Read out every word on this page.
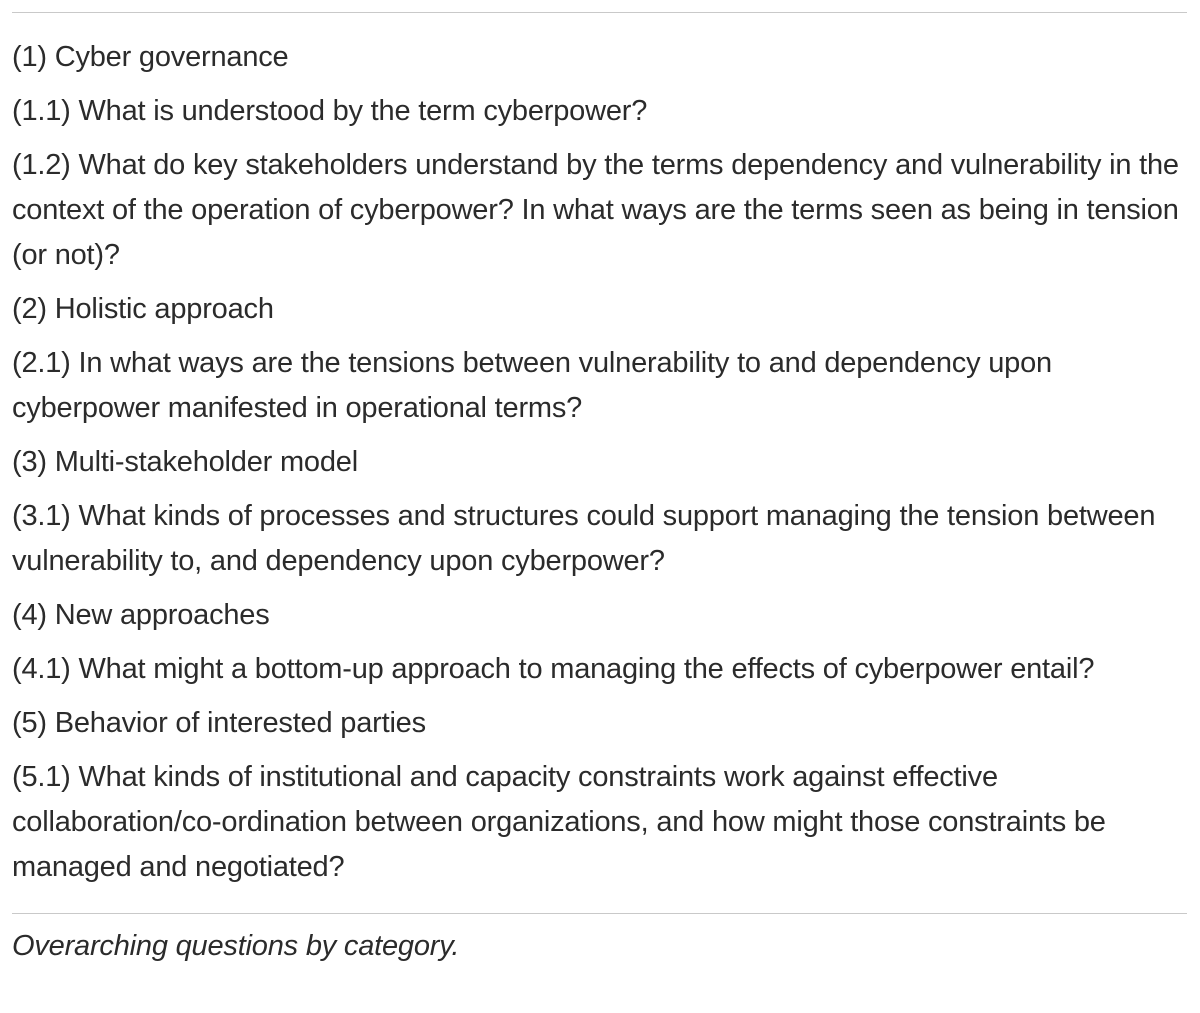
(1) Cyber governance
(1.1) What is understood by the term cyberpower?
(1.2) What do key stakeholders understand by the terms dependency and vulnerability in the context of the operation of cyberpower? In what ways are the terms seen as being in tension (or not)?
(2) Holistic approach
(2.1) In what ways are the tensions between vulnerability to and dependency upon cyberpower manifested in operational terms?
(3) Multi-stakeholder model
(3.1) What kinds of processes and structures could support managing the tension between vulnerability to, and dependency upon cyberpower?
(4) New approaches
(4.1) What might a bottom-up approach to managing the effects of cyberpower entail?
(5) Behavior of interested parties
(5.1) What kinds of institutional and capacity constraints work against effective collaboration/co-ordination between organizations, and how might those constraints be managed and negotiated?
Overarching questions by category.
